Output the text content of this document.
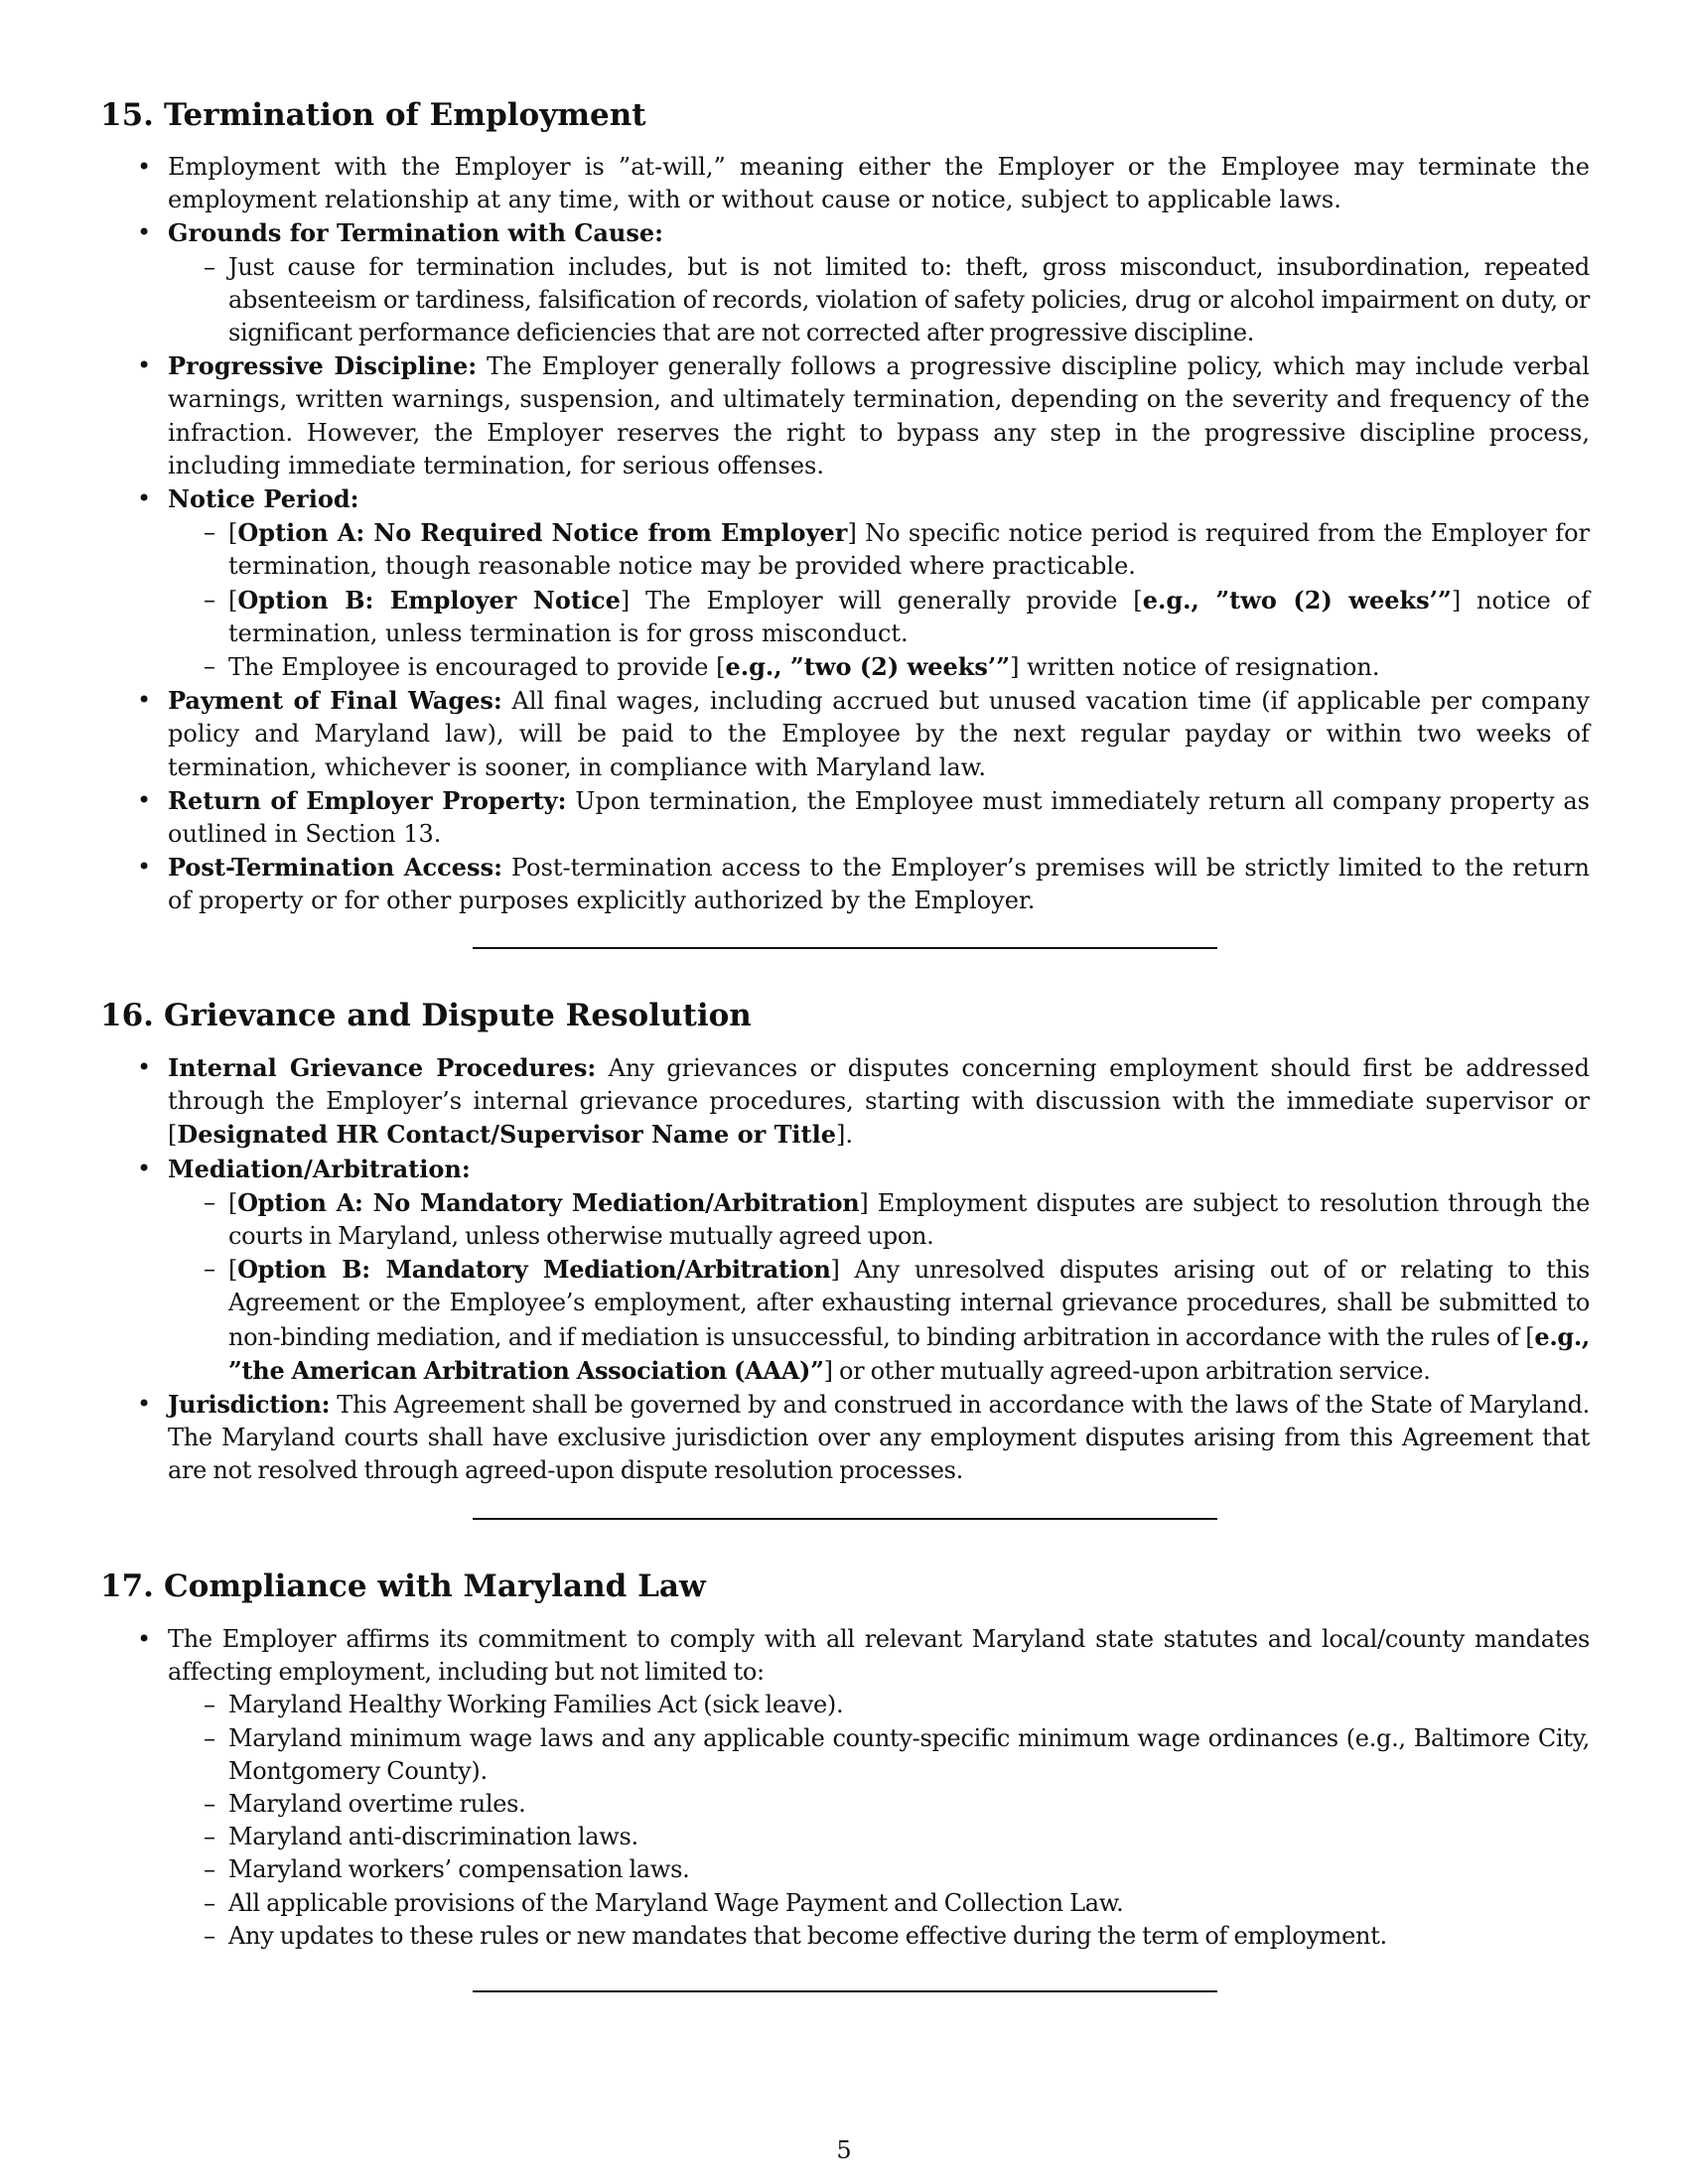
15. Termination of Employment
• Employment with the Employer is ”at-will,” meaning either the Employer or the Employee may terminate the employment relationship at any time, with or without cause or notice, subject to applicable laws.
• Grounds for Termination with Cause:
– Just cause for termination includes, but is not limited to: theft, gross misconduct, insubordination, repeated absenteeism or tardiness, falsification of records, violation of safety policies, drug or alcohol impairment on duty, or significant performance deficiencies that are not corrected after progressive discipline.
• Progressive Discipline: The Employer generally follows a progressive discipline policy, which may include verbal warnings, written warnings, suspension, and ultimately termination, depending on the severity and frequency of the infraction. However, the Employer reserves the right to bypass any step in the progressive discipline process, including immediate termination, for serious offenses.
• Notice Period:
– [Option A: No Required Notice from Employer] No specific notice period is required from the Employer for termination, though reasonable notice may be provided where practicable.
– [Option B: Employer Notice] The Employer will generally provide [e.g., ”two (2) weeks’”] notice of termination, unless termination is for gross misconduct.
– The Employee is encouraged to provide [e.g., ”two (2) weeks’”] written notice of resignation.
• Payment of Final Wages: All final wages, including accrued but unused vacation time (if applicable per company policy and Maryland law), will be paid to the Employee by the next regular payday or within two weeks of termination, whichever is sooner, in compliance with Maryland law.
• Return of Employer Property: Upon termination, the Employee must immediately return all company property as outlined in Section 13.
• Post-Termination Access: Post-termination access to the Employer’s premises will be strictly limited to the return of property or for other purposes explicitly authorized by the Employer.
16. Grievance and Dispute Resolution
• Internal Grievance Procedures: Any grievances or disputes concerning employment should first be addressed through the Employer’s internal grievance procedures, starting with discussion with the immediate supervisor or [Designated HR Contact/Supervisor Name or Title].
• Mediation/Arbitration:
– [Option A: No Mandatory Mediation/Arbitration] Employment disputes are subject to resolution through the courts in Maryland, unless otherwise mutually agreed upon.
– [Option B: Mandatory Mediation/Arbitration] Any unresolved disputes arising out of or relating to this Agreement or the Employee’s employment, after exhausting internal grievance procedures, shall be submitted to non-binding mediation, and if mediation is unsuccessful, to binding arbitration in accordance with the rules of [e.g., ”the American Arbitration Association (AAA)”] or other mutually agreed-upon arbitration service.
• Jurisdiction: This Agreement shall be governed by and construed in accordance with the laws of the State of Maryland. The Maryland courts shall have exclusive jurisdiction over any employment disputes arising from this Agreement that are not resolved through agreed-upon dispute resolution processes.
17. Compliance with Maryland Law
• The Employer affirms its commitment to comply with all relevant Maryland state statutes and local/county mandates affecting employment, including but not limited to:
– Maryland Healthy Working Families Act (sick leave).
– Maryland minimum wage laws and any applicable county-specific minimum wage ordinances (e.g., Baltimore City, Montgomery County).
– Maryland overtime rules.
– Maryland anti-discrimination laws.
– Maryland workers’ compensation laws.
– All applicable provisions of the Maryland Wage Payment and Collection Law.
– Any updates to these rules or new mandates that become effective during the term of employment.
5
